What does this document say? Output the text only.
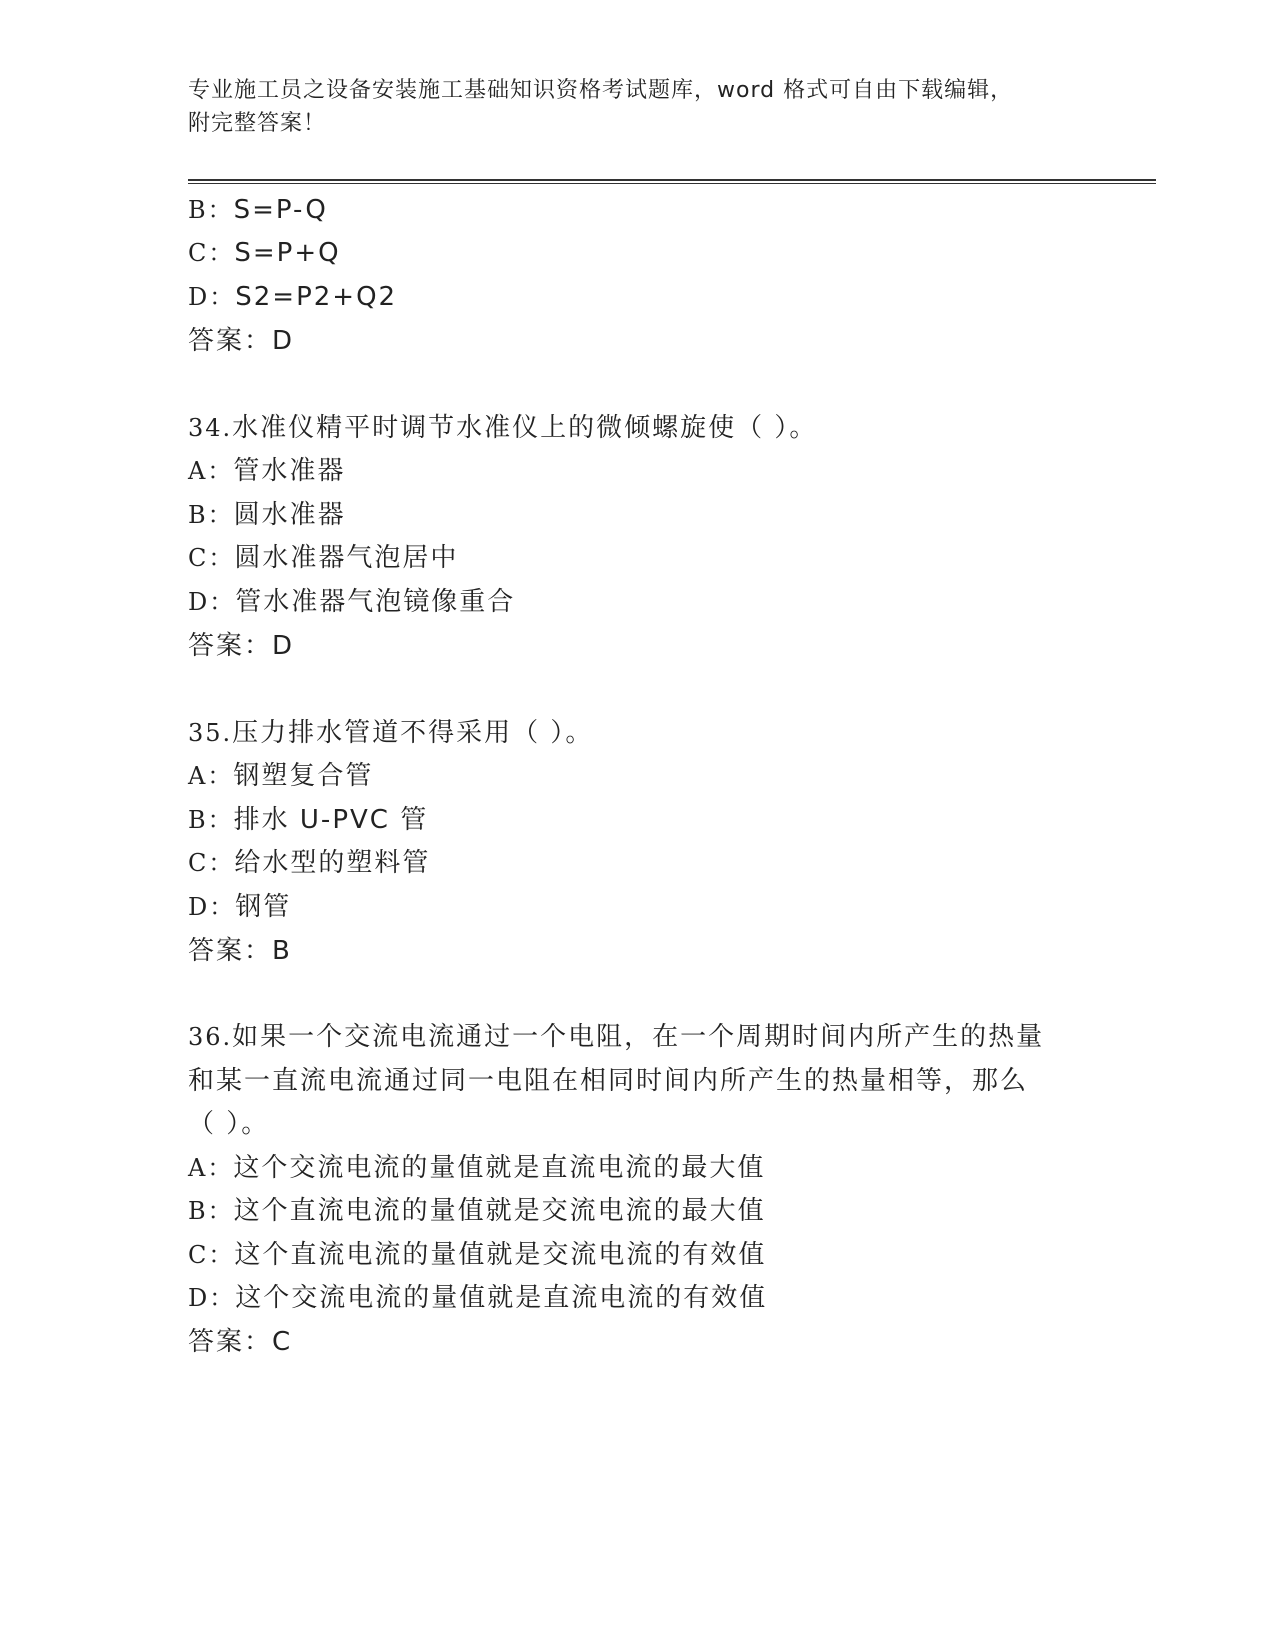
专业施工员之设备安装施工基础知识资格考试题库，word 格式可自由下载编辑，
附完整答案！
B：S=P-Q
C：S=P+Q
D：S2=P2+Q2
答案：D
34.水准仪精平时调节水准仪上的微倾螺旋使（ ）。
A：管水准器
B：圆水准器
C：圆水准器气泡居中
D：管水准器气泡镜像重合
答案：D
35.压力排水管道不得采用（ ）。
A：钢塑复合管
B：排水 U-PVC 管
C：给水型的塑料管
D：钢管
答案：B
36.如果一个交流电流通过一个电阻，在一个周期时间内所产生的热量
和某一直流电流通过同一电阻在相同时间内所产生的热量相等，那么
（ ）。
A：这个交流电流的量值就是直流电流的最大值
B：这个直流电流的量值就是交流电流的最大值
C：这个直流电流的量值就是交流电流的有效值
D：这个交流电流的量值就是直流电流的有效值
答案：C
